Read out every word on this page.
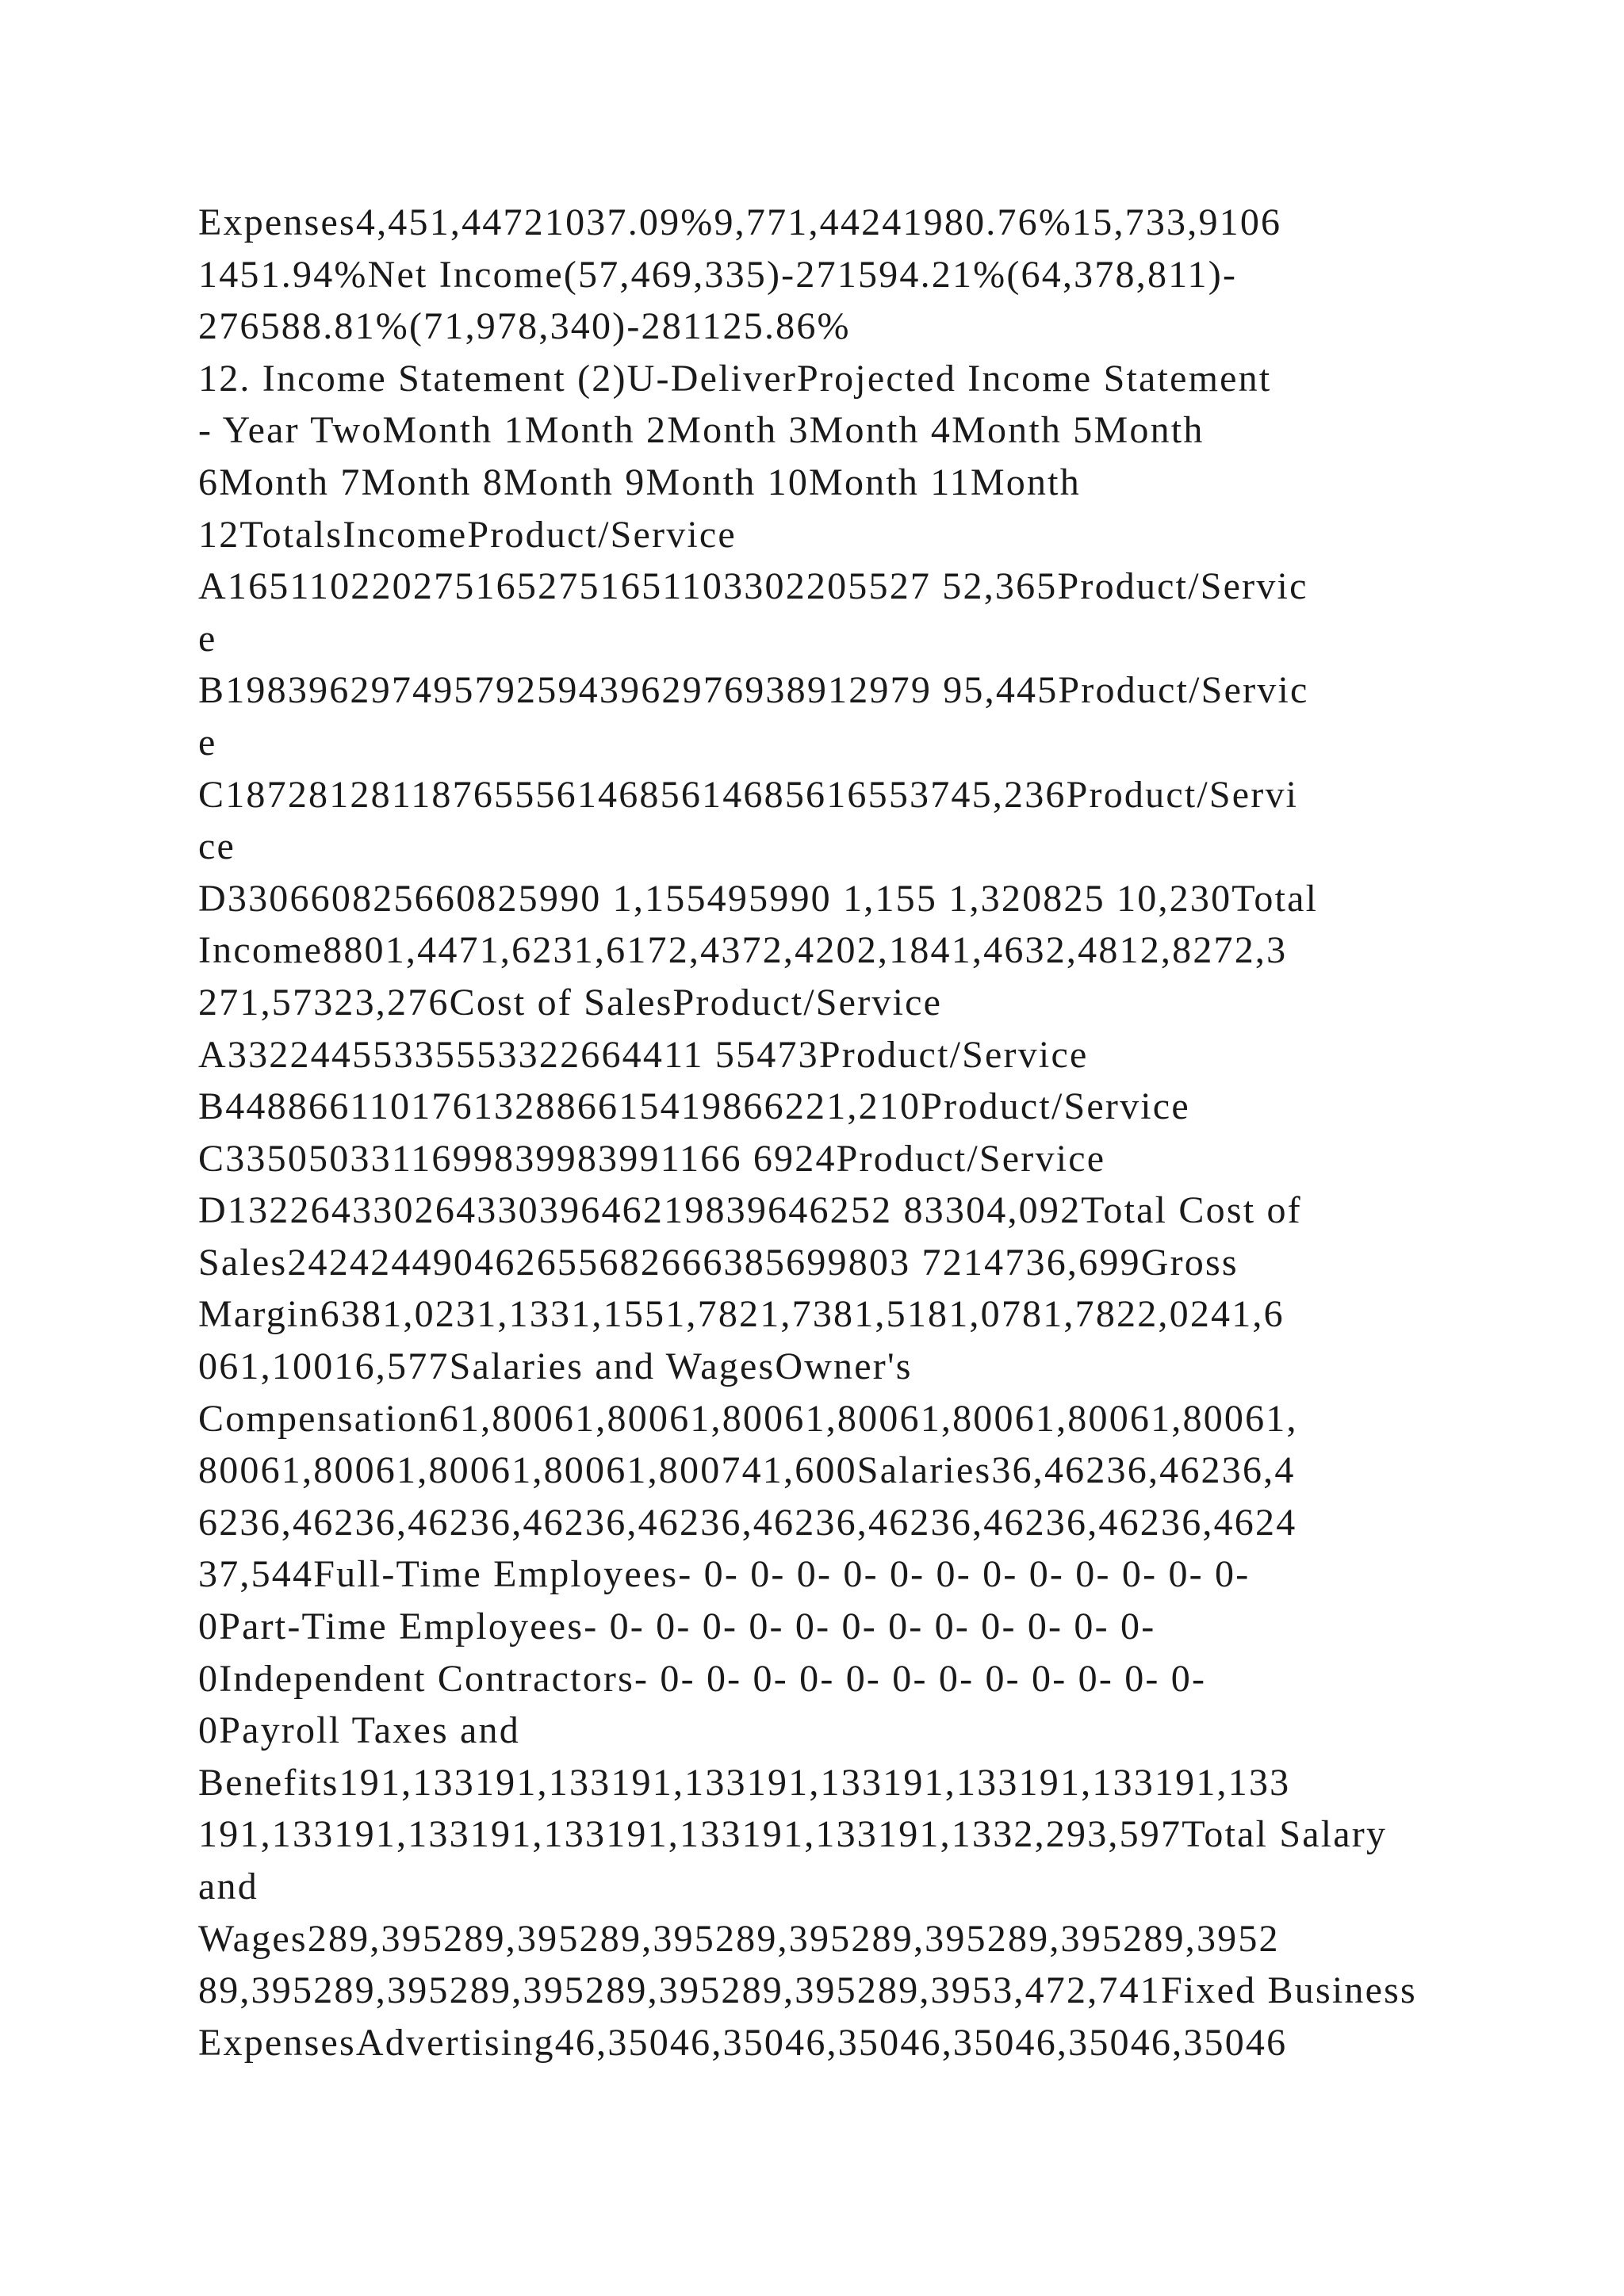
Expenses4,451,44721037.09%9,771,44241980.76%15,733,9106
1451.94%Net Income(57,469,335)-271594.21%(64,378,811)-
276588.81%(71,978,340)-281125.86%
12. Income Statement (2)U-DeliverProjected Income Statement
- Year TwoMonth 1Month 2Month 3Month 4Month 5Month
6Month 7Month 8Month 9Month 10Month 11Month
12TotalsIncomeProduct/Service
A1651102202751652751651103302205527 52,365Product/Servic
e
B1983962974957925943962976938912979 95,445Product/Servic
e
C1872812811876555614685614685616553745,236Product/Servi
ce
D330660825660825990 1,155495990 1,155 1,320825 10,230Total
Income8801,4471,6231,6172,4372,4202,1841,4632,4812,8272,3
271,57323,276Cost of SalesProduct/Service
A33224455335553322664411 55473Product/Service
B448866110176132886615419866221,210Product/Service
C3350503311699839983991166 6924Product/Service
D13226433026433039646219839646252 83304,092Total Cost of
Sales242424490462655682666385699803 7214736,699Gross
Margin6381,0231,1331,1551,7821,7381,5181,0781,7822,0241,6
061,10016,577Salaries and WagesOwner's
Compensation61,80061,80061,80061,80061,80061,80061,80061,
80061,80061,80061,80061,800741,600Salaries36,46236,46236,4
6236,46236,46236,46236,46236,46236,46236,46236,46236,4624
37,544Full-Time Employees- 0- 0- 0- 0- 0- 0- 0- 0- 0- 0- 0- 0-
0Part-Time Employees- 0- 0- 0- 0- 0- 0- 0- 0- 0- 0- 0- 0-
0Independent Contractors- 0- 0- 0- 0- 0- 0- 0- 0- 0- 0- 0- 0-
0Payroll Taxes and
Benefits191,133191,133191,133191,133191,133191,133191,133
191,133191,133191,133191,133191,133191,1332,293,597Total Salary
and
Wages289,395289,395289,395289,395289,395289,395289,3952
89,395289,395289,395289,395289,395289,3953,472,741Fixed Business
ExpensesAdvertising46,35046,35046,35046,35046,35046,35046
